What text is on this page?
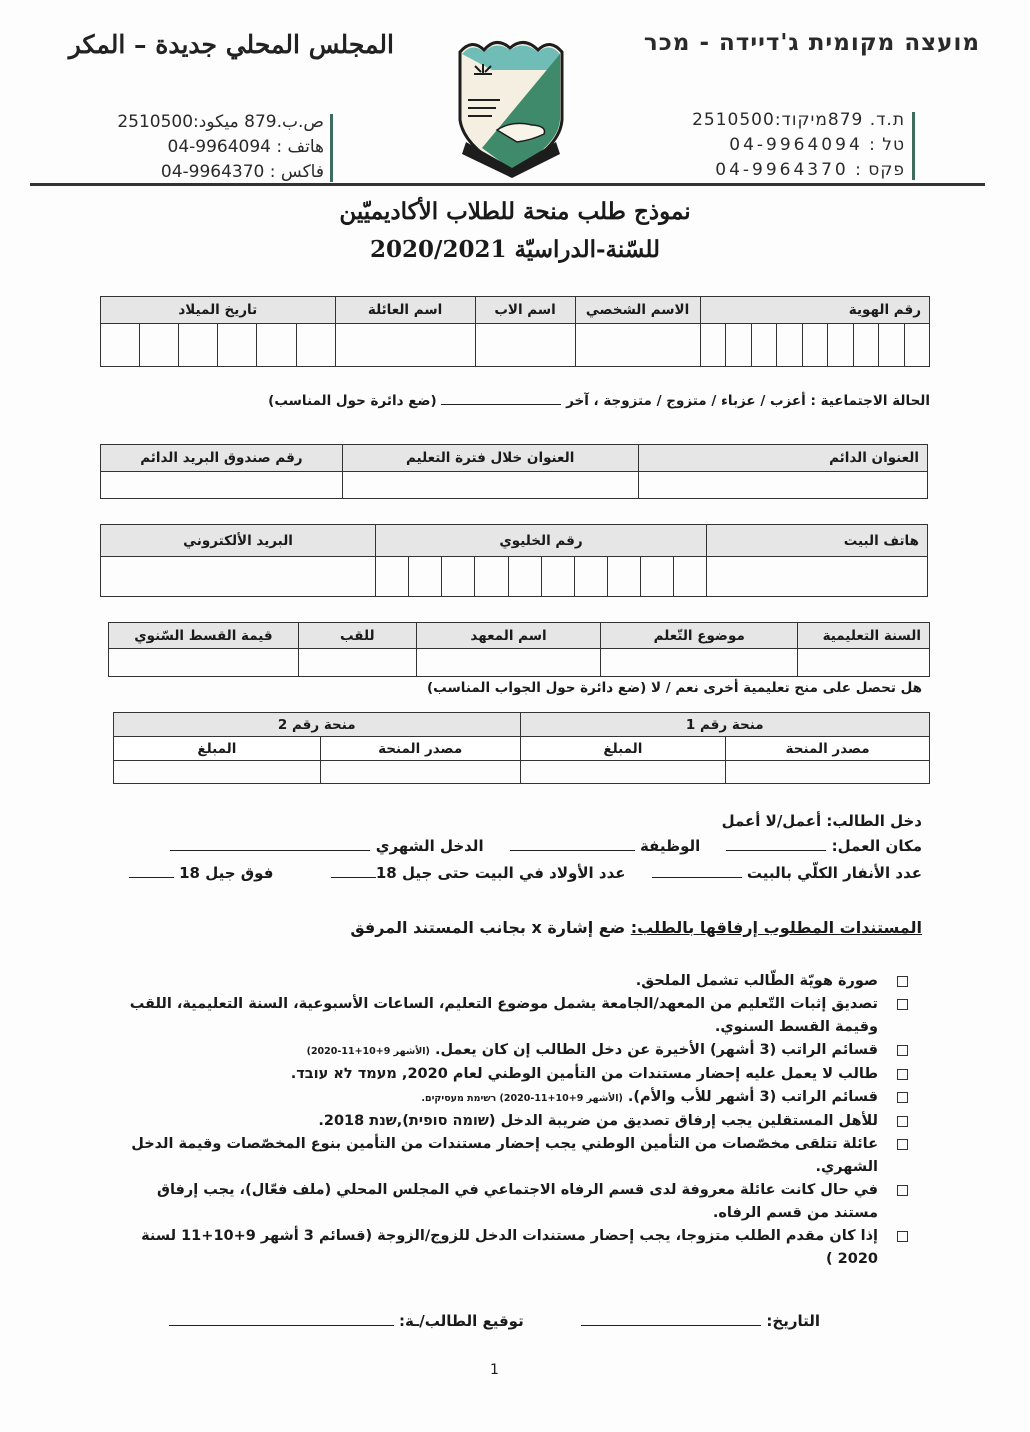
المجلس المحلي جديدة – المكر	מועצה מקומית ג'דיידה - מכר
ص.ب.879 ميكود:2510500
هاتف : 04-9964094
فاكس : 04-9964370
ת.ד. 879מיקוד:2510500
טל : 04-9964094
פקס : 04-9964370
نموذج طلب منحة للطلاب الأكاديميّين
للسّنة-الدراسيّة 2020/2021
رقم الهوية									الاسم الشخصي	اسم الاب	اسم العائلة	تاريخ الميلاد					

الحالة الاجتماعية : أعزب / عزباء / متزوج / متزوجة ، آخر  (ضع دائرة حول المناسب)
العنوان الدائم	العنوان خلال فترة التعليم	رقم صندوق البريد الدائم

هاتف البيت	رقم الخليوي										البريد الألكتروني

السنة التعليمية	موضوع التّعلم	اسم المعهد	للقب	قيمة القسط السّنوي

هل تحصل على منح تعليمية أخرى نعم / لا (ضع دائرة حول الجواب المناسب)
منحة رقم 1		منحة رقم 2	
مصدر المنحة	المبلغ	مصدر المنحة	المبلغ

دخل الطالب: أعمل/لا أعمل
مكان العمل:      الوظيفة      الدخل الشهري
عدد الأنفار الكلّي بالبيت      عدد الأولاد في البيت حتى جيل 18           فوق جيل 18
المستندات المطلوب إرفاقها بالطلب: ضع إشارة x بجانب المستند المرفق
صورة هويّة الطّالب تشمل الملحق.
تصديق إثبات التّعليم من المعهد/الجامعة يشمل موضوع التعليم، الساعات الأسبوعية، السنة التعليمية، اللقب وقيمة القسط السنوي.
قسائم الراتب (3 أشهر) الأخيرة عن دخل الطالب إن كان يعمل. (الأشهر 9+10+11-2020)
طالب لا يعمل عليه إحضار مستندات من التأمين الوطني لعام 2020, מעמד לא עובד.
قسائم الراتب (3 أشهر للأب والأم). (الأشهر 9+10+11-2020) רשימת מעסיקים.
للأهل المستقلين يجب إرفاق تصديق من ضريبة الدخل (שומה סופית),שנת 2018.
عائلة تتلقى مخصّصات من التأمين الوطني يجب إحضار مستندات من التأمين بنوع المخصّصات وقيمة الدخل الشهري.
في حال كانت عائلة معروفة لدى قسم الرفاه الاجتماعي في المجلس المحلي (ملف فعّال)، يجب إرفاق مستند من قسم الرفاه.
إذا كان مقدم الطلب متزوجا، يجب إحضار مستندات الدخل للزوج/الزوجة (قسائم 3 أشهر 9+10+11 لسنة 2020 )
التاريخ:            توقيع الطالب/ـة:
1
